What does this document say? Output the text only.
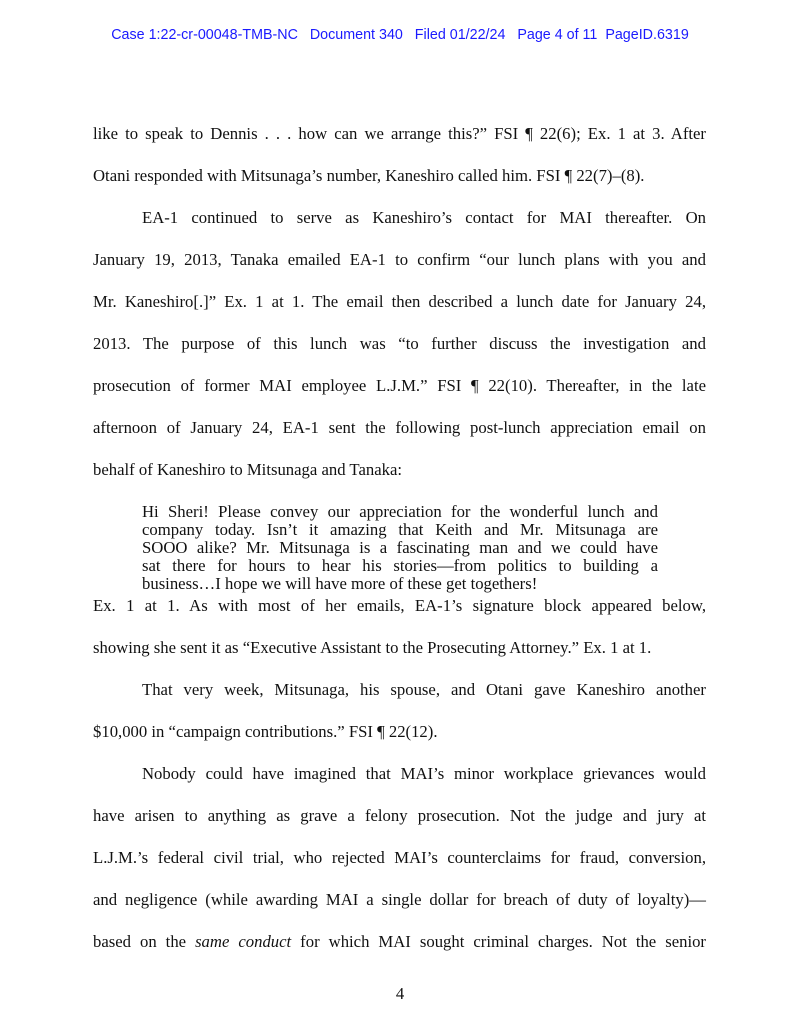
Case 1:22-cr-00048-TMB-NC Document 340 Filed 01/22/24 Page 4 of 11 PageID.6319
like to speak to Dennis . . . how can we arrange this?” FSI ¶ 22(6); Ex. 1 at 3. After
Otani responded with Mitsunaga’s number, Kaneshiro called him. FSI ¶ 22(7)–(8).
EA-1 continued to serve as Kaneshiro’s contact for MAI thereafter. On
January 19, 2013, Tanaka emailed EA-1 to confirm “our lunch plans with you and
Mr. Kaneshiro[.]” Ex. 1 at 1. The email then described a lunch date for January 24,
2013. The purpose of this lunch was “to further discuss the investigation and
prosecution of former MAI employee L.J.M.” FSI ¶ 22(10). Thereafter, in the late
afternoon of January 24, EA-1 sent the following post-lunch appreciation email on
behalf of Kaneshiro to Mitsunaga and Tanaka:
Hi Sheri! Please convey our appreciation for the wonderful lunch and
company today. Isn’t it amazing that Keith and Mr. Mitsunaga are
SOOO alike? Mr. Mitsunaga is a fascinating man and we could have
sat there for hours to hear his stories—from politics to building a
business…I hope we will have more of these get togethers!
Ex. 1 at 1. As with most of her emails, EA-1’s signature block appeared below,
showing she sent it as “Executive Assistant to the Prosecuting Attorney.” Ex. 1 at 1.
That very week, Mitsunaga, his spouse, and Otani gave Kaneshiro another
$10,000 in “campaign contributions.” FSI ¶ 22(12).
Nobody could have imagined that MAI’s minor workplace grievances would
have arisen to anything as grave a felony prosecution. Not the judge and jury at
L.J.M.’s federal civil trial, who rejected MAI’s counterclaims for fraud, conversion,
and negligence (while awarding MAI a single dollar for breach of duty of loyalty)—
based on the same conduct for which MAI sought criminal charges. Not the senior
4
